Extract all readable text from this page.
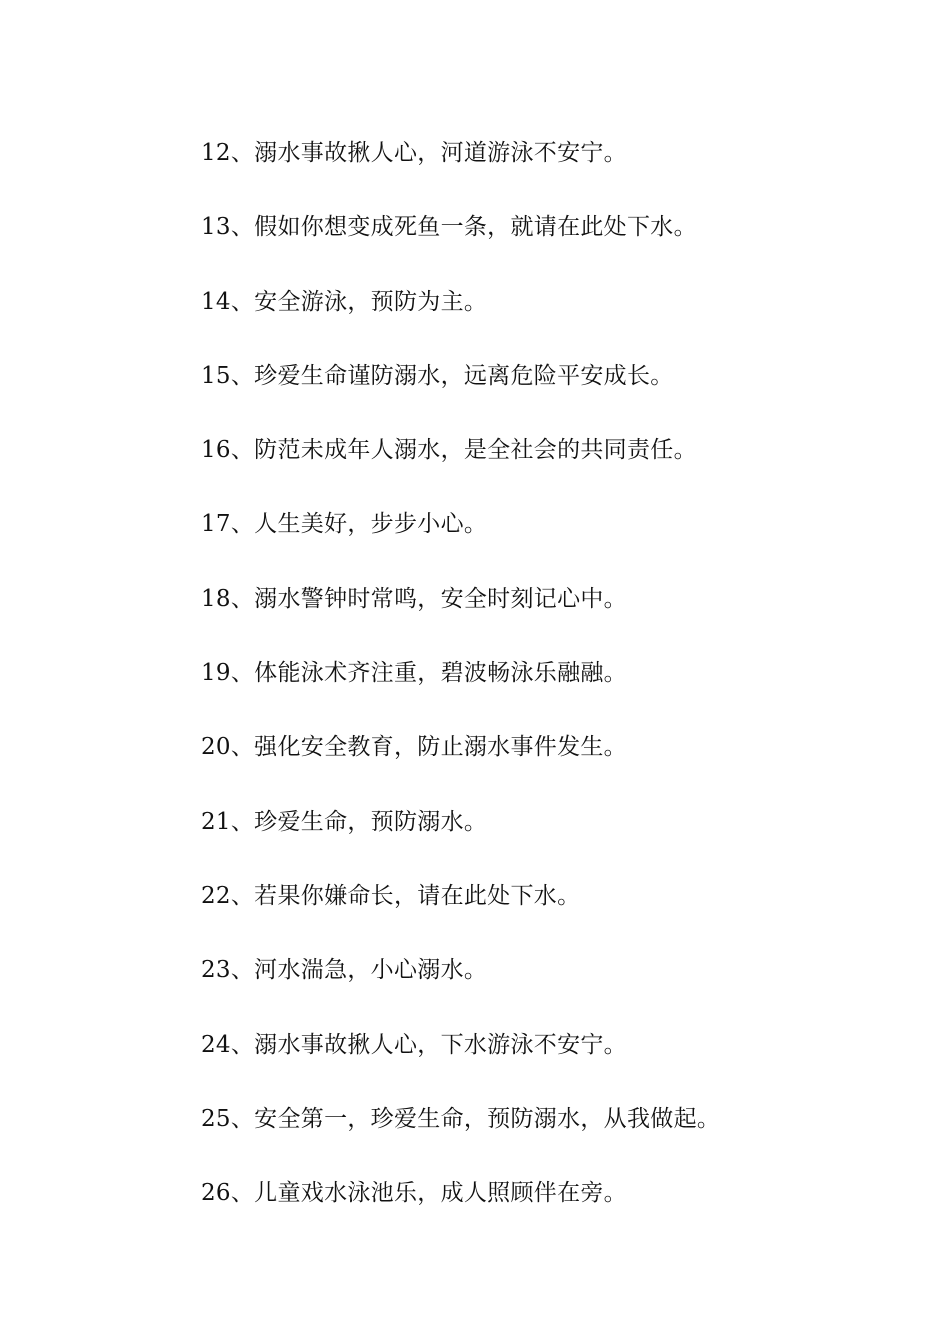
12、溺水事故揪人心，河道游泳不安宁。
13、假如你想变成死鱼一条，就请在此处下水。
14、安全游泳，预防为主。
15、珍爱生命谨防溺水，远离危险平安成长。
16、防范未成年人溺水，是全社会的共同责任。
17、人生美好，步步小心。
18、溺水警钟时常鸣，安全时刻记心中。
19、体能泳术齐注重，碧波畅泳乐融融。
20、强化安全教育，防止溺水事件发生。
21、珍爱生命，预防溺水。
22、若果你嫌命长，请在此处下水。
23、河水湍急，小心溺水。
24、溺水事故揪人心，下水游泳不安宁。
25、安全第一，珍爱生命，预防溺水，从我做起。
26、儿童戏水泳池乐，成人照顾伴在旁。
